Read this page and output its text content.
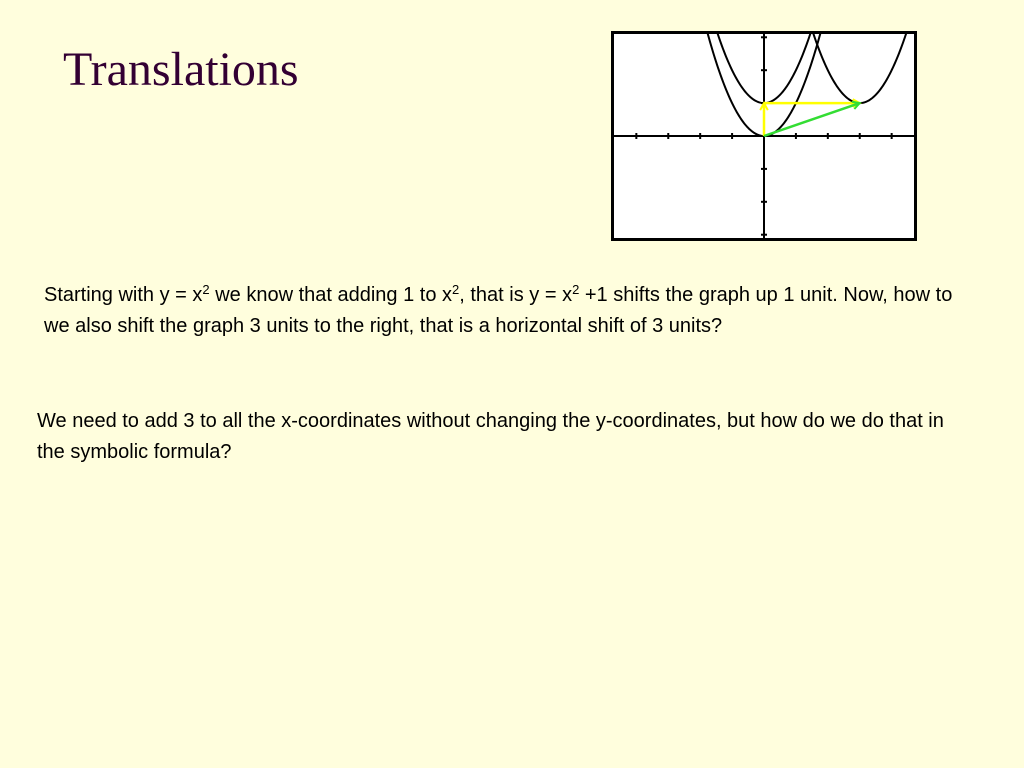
Translations

Starting with $y = x^2$ we know that adding 1 to $x^2$, that is $y = x^2 +1$ shifts the graph up 1 unit. Now, how to we also shift the graph 3 units to the right, that is a horizontal shift of 3 units?

We need to add 3 to all the x-coordinates without changing the y-coordinates, but how do we do that in the symbolic formula?
